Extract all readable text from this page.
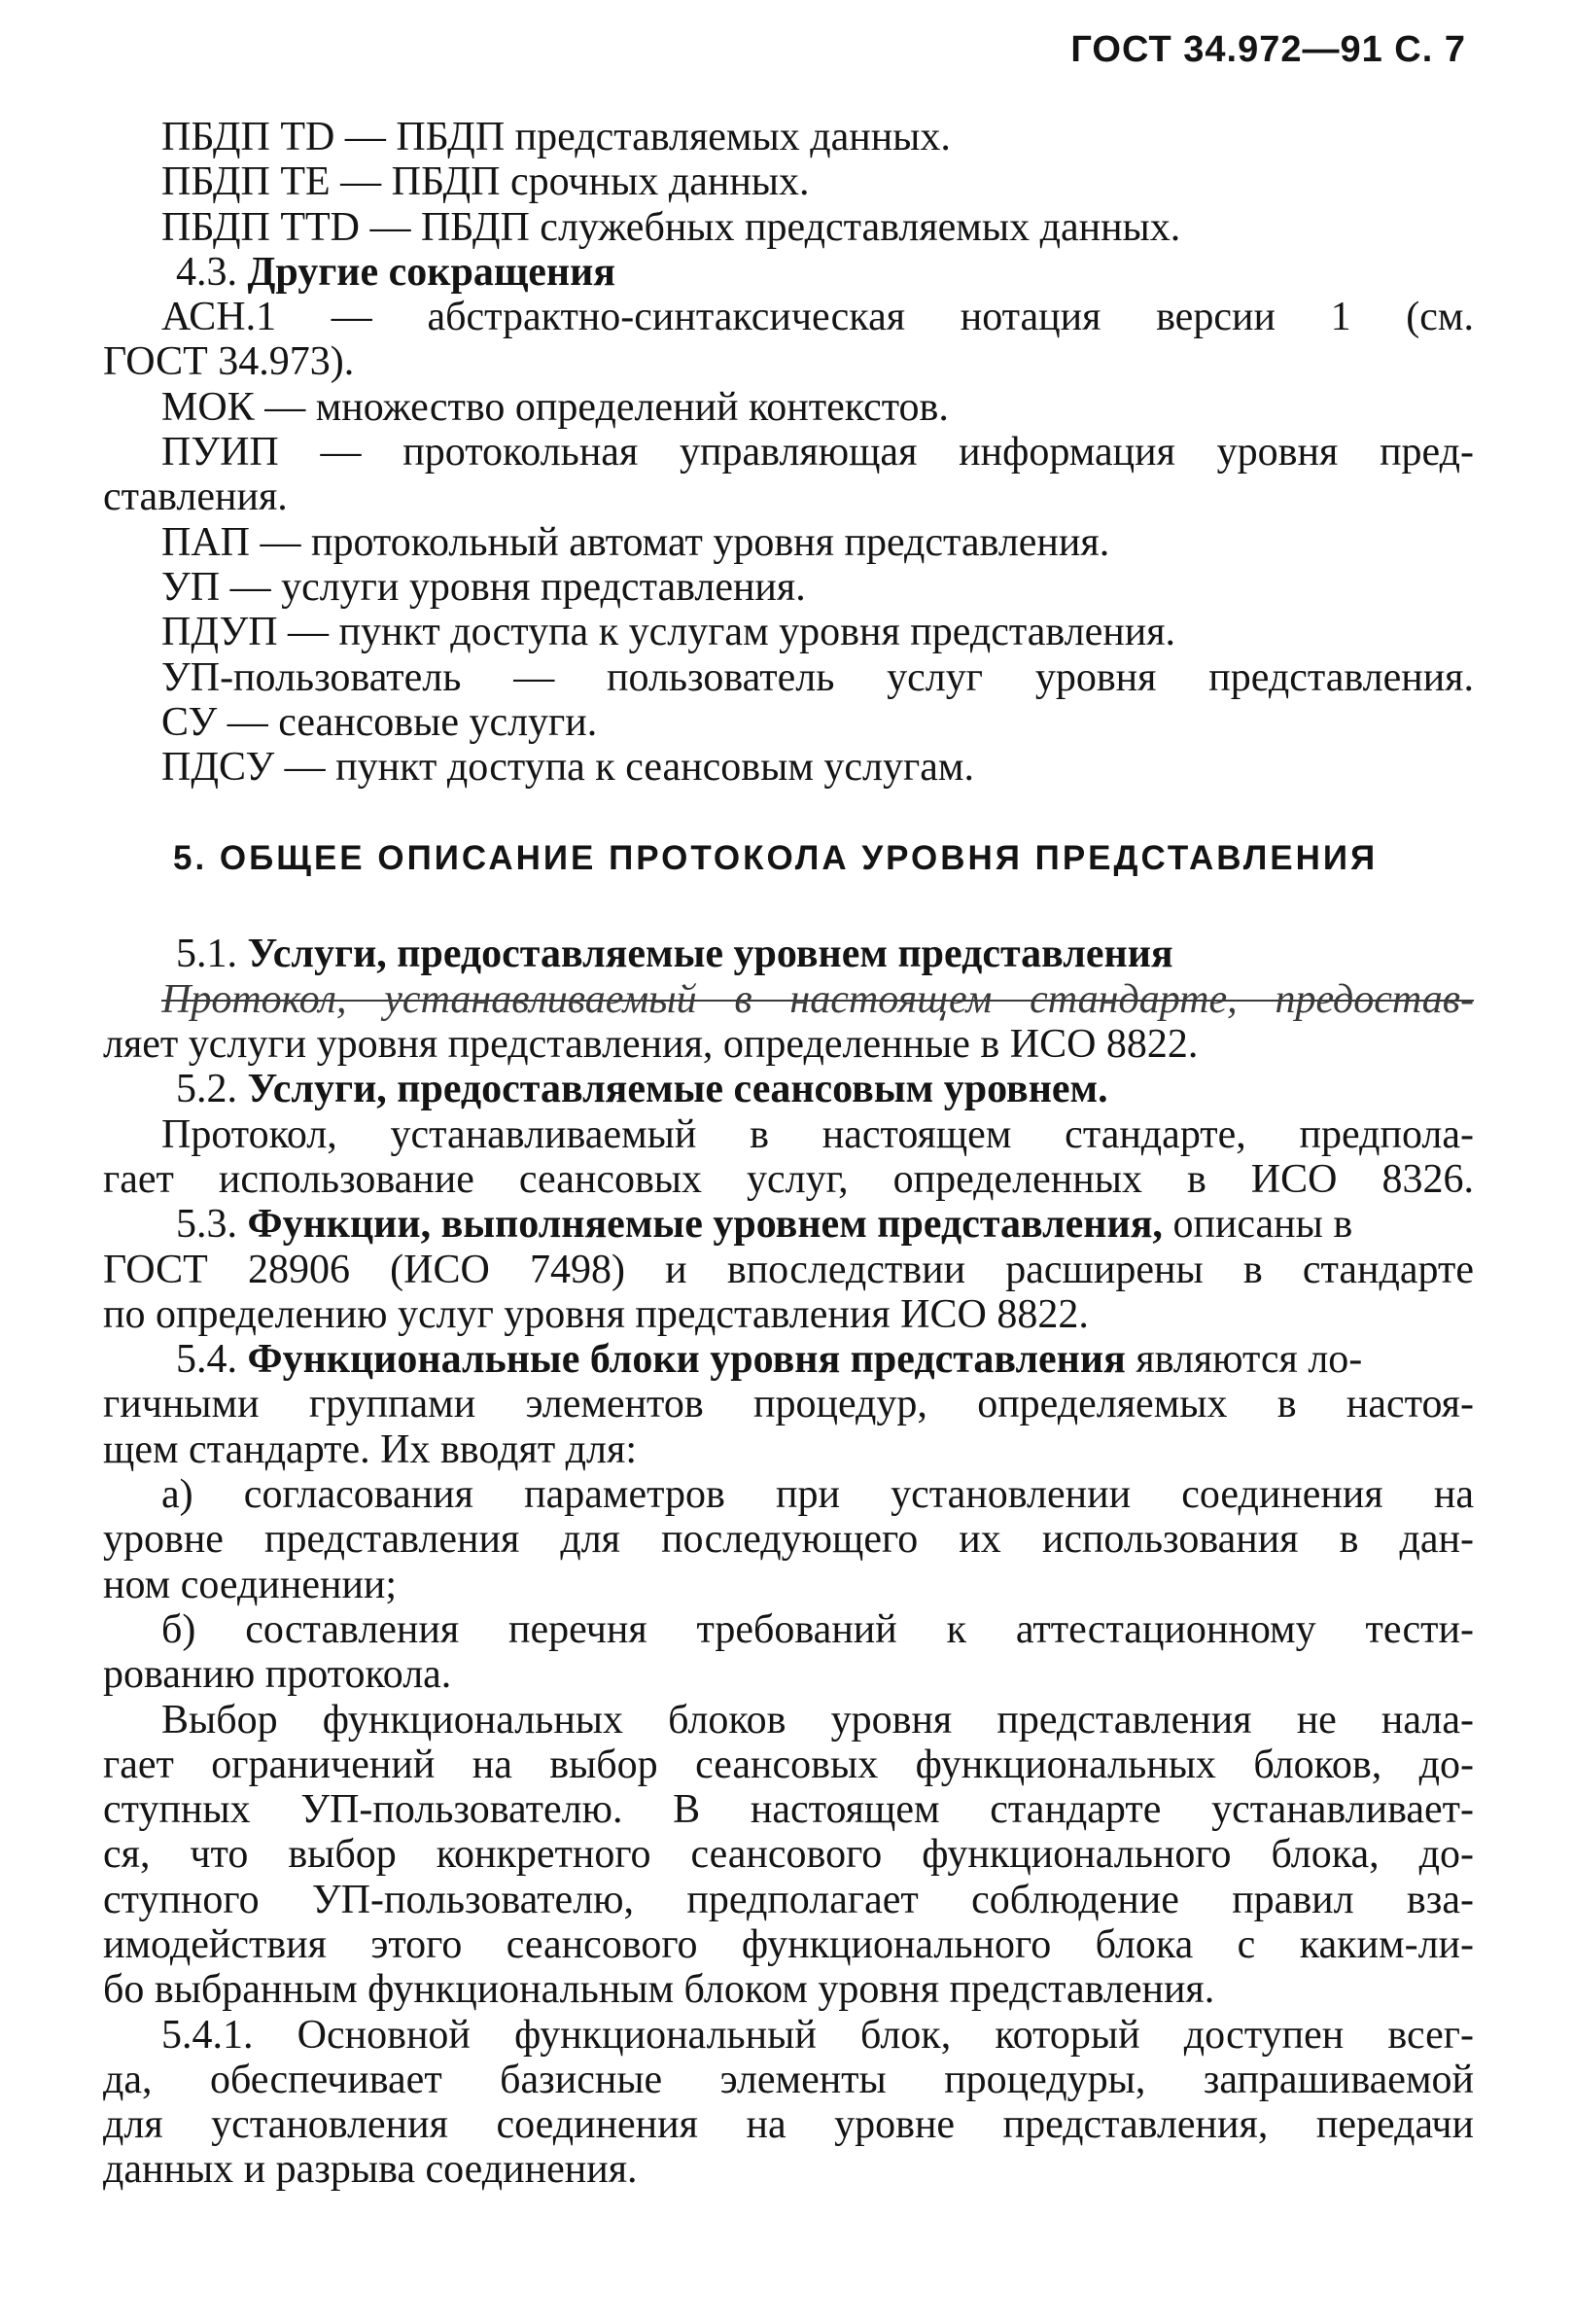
ГОСТ 34.972—91 С. 7
ПБДП TD — ПБДП представляемых данных.
ПБДП ТЕ — ПБДП срочных данных.
ПБДП TTD — ПБДП служебных представляемых данных.
4.3. Другие сокращения
АСН.1 — абстрактно-синтаксическая нотация версии 1 (см.
ГОСТ 34.973).
МОК — множество определений контекстов.
ПУИП — протокольная управляющая информация уровня пред-
ставления.
ПАП — протокольный автомат уровня представления.
УП — услуги уровня представления.
ПДУП — пункт доступа к услугам уровня представления.
УП-пользователь — пользователь услуг уровня представления.
СУ — сеансовые услуги.
ПДСУ — пункт доступа к сеансовым услугам.
5. ОБЩЕЕ ОПИСАНИЕ ПРОТОКОЛА УРОВНЯ ПРЕДСТАВЛЕНИЯ
5.1. Услуги, предоставляемые уровнем представления
Протокол, устанавливаемый в настоящем стандарте, предостав-
ляет услуги уровня представления, определенные в ИСО 8822.
5.2. Услуги, предоставляемые сеансовым уровнем.
Протокол, устанавливаемый в настоящем стандарте, предпола-
гает использование сеансовых услуг, определенных в ИСО 8326.
5.3. Функции, выполняемые уровнем представления, описаны в
ГОСТ 28906 (ИСО 7498) и впоследствии расширены в стандарте
по определению услуг уровня представления ИСО 8822.
5.4. Функциональные блоки уровня представления являются ло-
гичными группами элементов процедур, определяемых в настоя-
щем стандарте. Их вводят для:
а) согласования параметров при установлении соединения на
уровне представления для последующего их использования в дан-
ном соединении;
б) составления перечня требований к аттестационному тести-
рованию протокола.
Выбор функциональных блоков уровня представления не нала-
гает ограничений на выбор сеансовых функциональных блоков, до-
ступных УП-пользователю. В настоящем стандарте устанавливает-
ся, что выбор конкретного сеансового функционального блока, до-
ступного УП-пользователю, предполагает соблюдение правил вза-
имодействия этого сеансового функционального блока с каким-ли-
бо выбранным функциональным блоком уровня представления.
5.4.1. Основной функциональный блок, который доступен всег-
да, обеспечивает базисные элементы процедуры, запрашиваемой
для установления соединения на уровне представления, передачи
данных и разрыва соединения.
